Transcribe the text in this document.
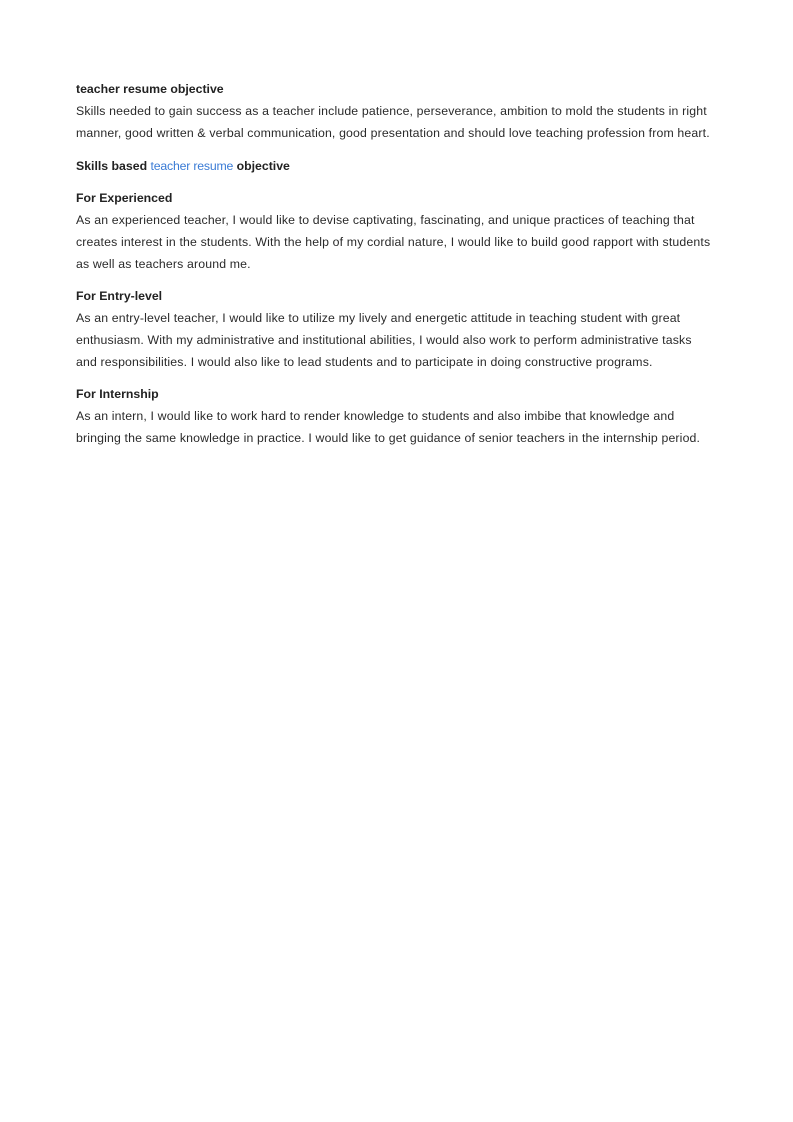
teacher resume objective

Skills needed to gain success as a teacher include patience, perseverance, ambition to mold the students in right manner, good written & verbal communication, good presentation and should love teaching profession from heart.

Skills based teacher resume objective

For Experienced

As an experienced teacher, I would like to devise captivating, fascinating, and unique practices of teaching that creates interest in the students. With the help of my cordial nature, I would like to build good rapport with students as well as teachers around me.

For Entry-level

As an entry-level teacher, I would like to utilize my lively and energetic attitude in teaching student with great enthusiasm. With my administrative and institutional abilities, I would also work to perform administrative tasks and responsibilities. I would also like to lead students and to participate in doing constructive programs.

For Internship

As an intern, I would like to work hard to render knowledge to students and also imbibe that knowledge and bringing the same knowledge in practice. I would like to get guidance of senior teachers in the internship period.
